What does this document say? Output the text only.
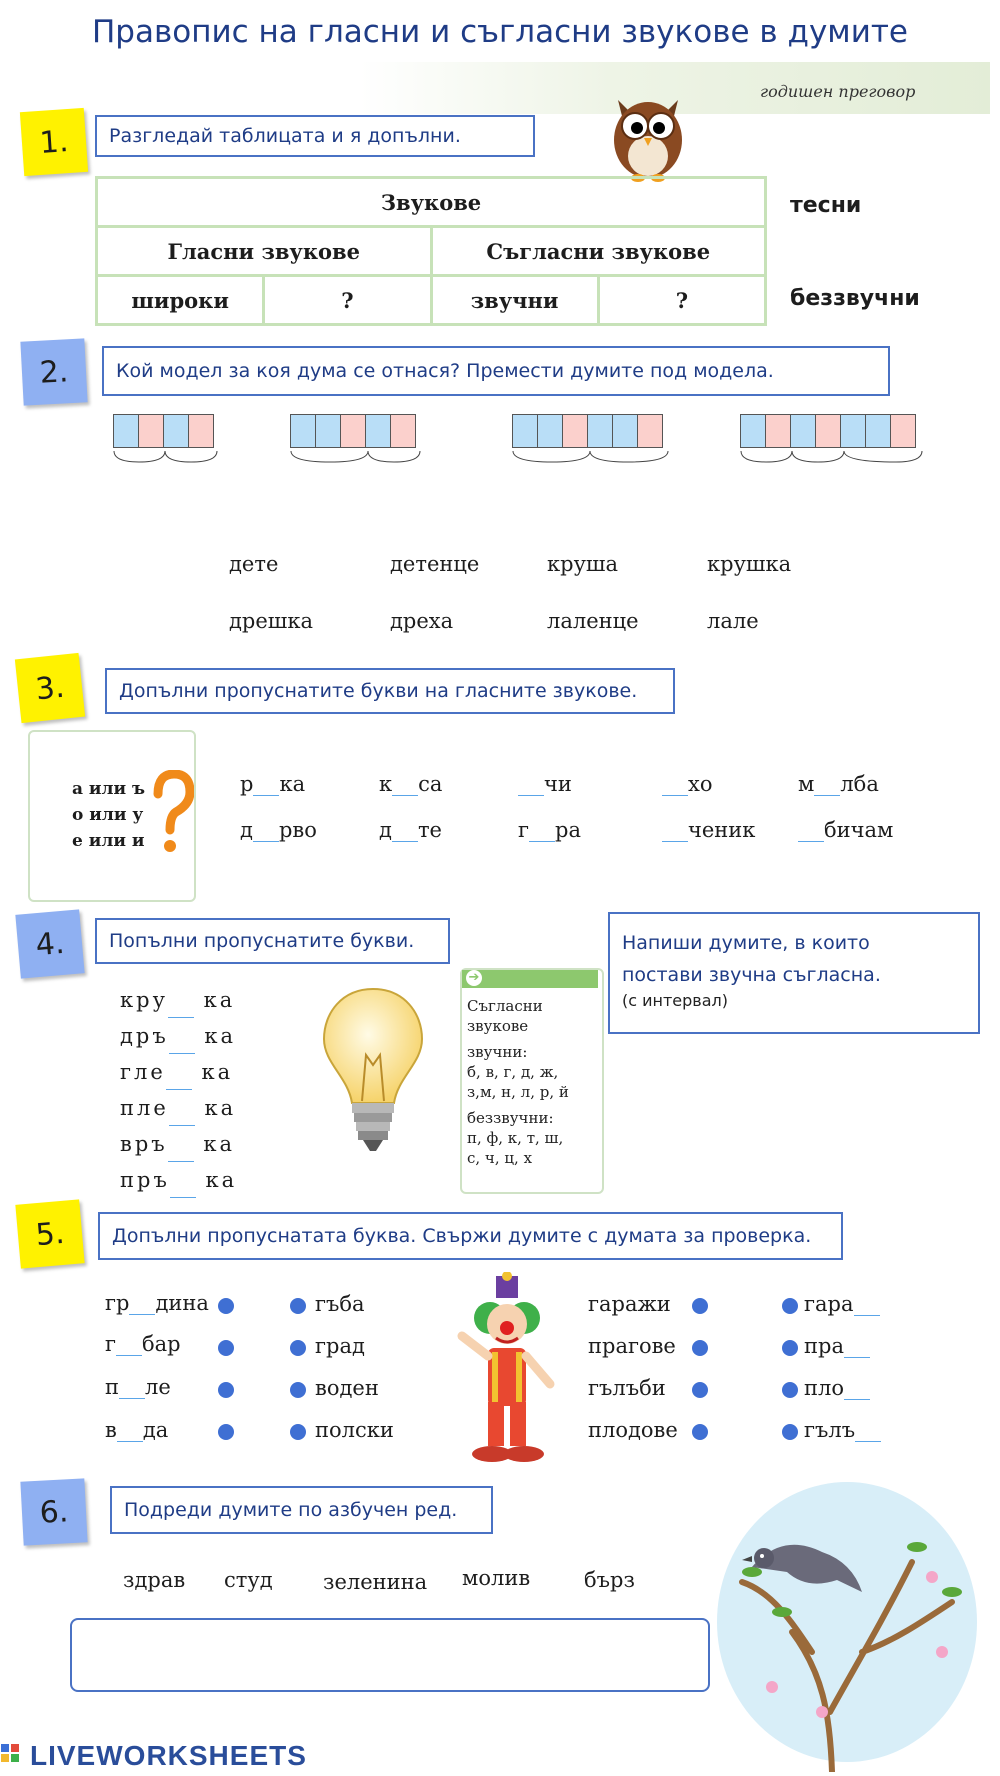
Правопис на гласни и съгласни звукове в думите
годишен преговор
1.	Разгледай таблицата и я допълни.
Звукове			
Гласни звукове		Съгласни звукове	
широки	?	звучни	?
тесни
беззвучни
2.	Кой модел за коя дума се отнася? Премести думите под модела.
дете	детенце	круша	крушка
дрешка	дреха	лаленце	лале
3.	Допълни пропуснатите букви на гласните звукове.
а или ъ
о или у
е или и
р ка	к са	чи	хо	м лба
д рво	д те	г ра	ченик	бичам
4.	Попълни пропуснатите букви.
кру ка
дръ ка
гле ка
пле ка
връ ка
пръ ка
➔
Съгласни звукове
звучни:
б, в, г, д, ж,
з,м, н, л, р, й
беззвучни:
п, ф, к, т, ш,
с, ч, ц, х
Напиши думите, в които
постави звучна съгласна.
(с интервал)
5.	Допълни пропуснатата буква. Свържи думите с думата за проверка.
гр дина
г бар
п ле
в да
гъба
град
воден
полски
гаражи
прагове
гълъби
плодове
гара
пра
пло
гълъ
6.	Подреди думите по азбучен ред.
здрав студ зеленина молив	бърз
LIVEWORKSHEETS
